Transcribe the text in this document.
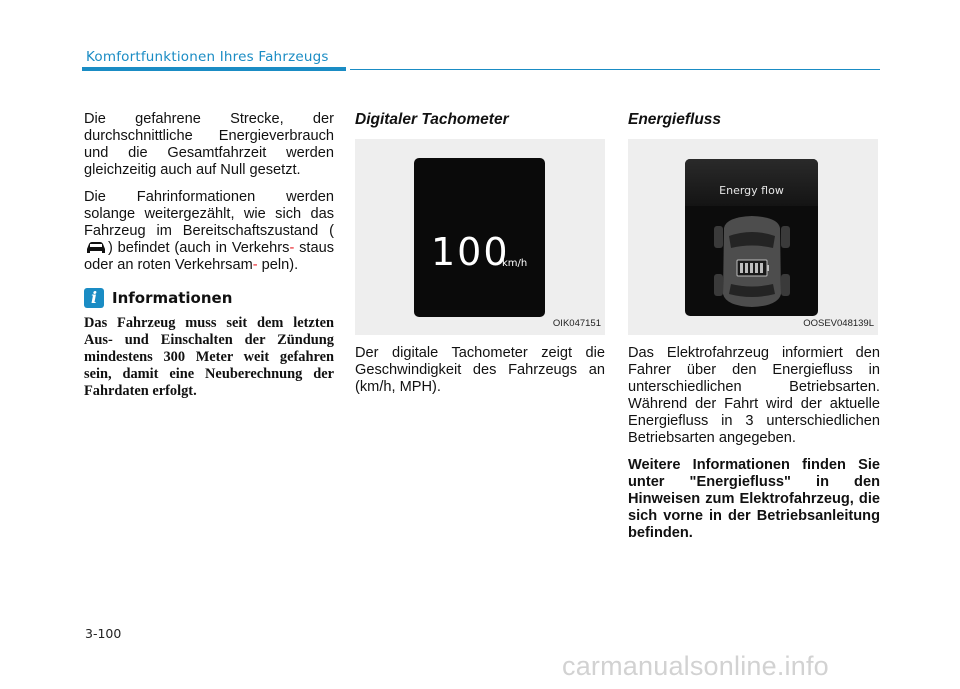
Komfortfunktionen Ihres Fahrzeugs

Die gefahrene Strecke, der durchschnittliche Energieverbrauch und die Gesamtfahrzeit werden gleichzeitig auch auf Null gesetzt.

Die Fahrinformationen werden solange weitergezählt, wie sich das Fahrzeug im Bereitschaftszustand () befindet (auch in Verkehrs- staus oder an roten Verkehrsam- peln).

i Informationen
Das Fahrzeug muss seit dem letzten Aus- und Einschalten der Zündung mindestens 300 Meter weit gefahren sein, damit eine Neuberechnung der Fahrdaten erfolgt.
Digitaler Tachometer
100
km/h
OIK047151

Der digitale Tachometer zeigt die Geschwindigkeit des Fahrzeugs an (km/h, MPH).

Energiefluss
Energy flow
OOSEV048139L

Das Elektrofahrzeug informiert den Fahrer über den Energiefluss in unterschiedlichen Betriebsarten. Während der Fahrt wird der aktuelle Energiefluss in 3 unterschiedlichen Betriebsarten angegeben.

Weitere Informationen finden Sie unter "Energiefluss" in den Hinweisen zum Elektrofahrzeug, die sich vorne in der Betriebsanleitung befinden.

3-100
carmanualsonline.info
